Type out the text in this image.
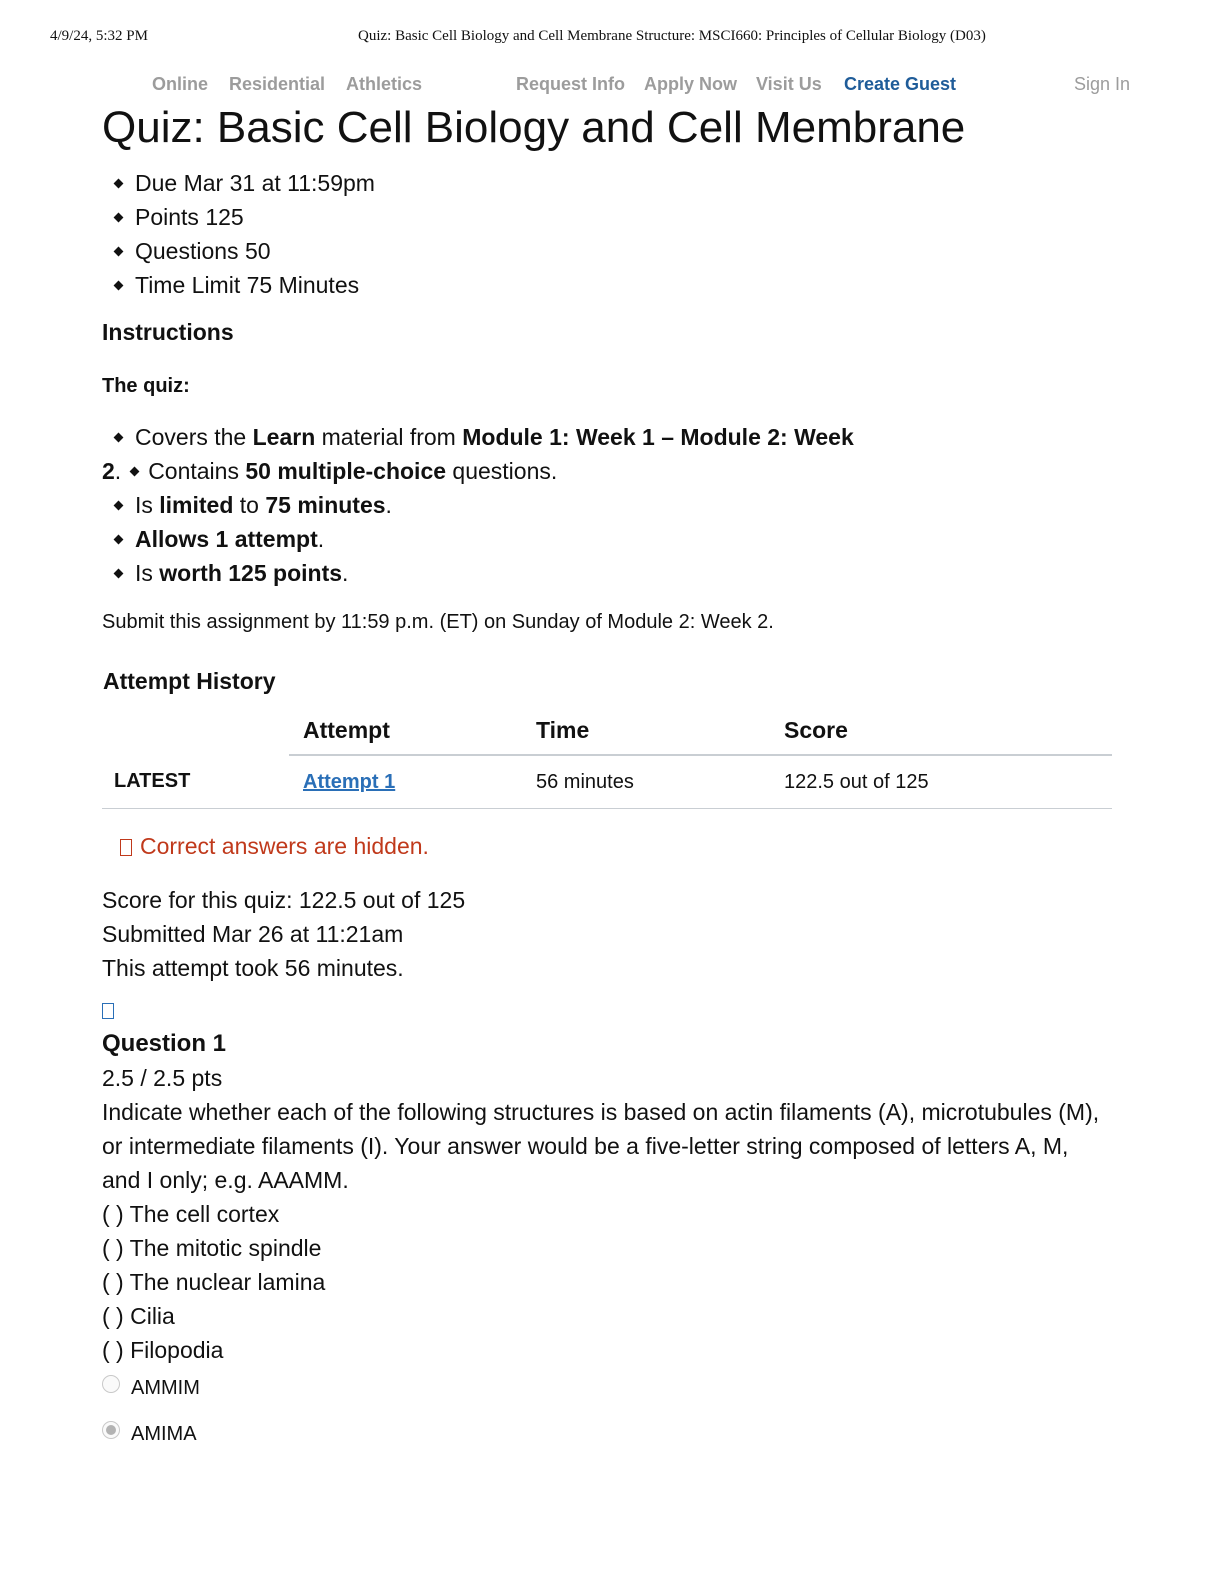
4/9/24, 5:32 PM	Quiz: Basic Cell Biology and Cell Membrane Structure: MSCI660: Principles of Cellular Biology (D03)
Online Residential Athletics	Request Info Apply Now Visit Us Create Guest	Sign In
Quiz: Basic Cell Biology and Cell Membrane
Due Mar 31 at 11:59pm
Points 125
Questions 50
Time Limit 75 Minutes
Instructions
The quiz:
Covers the Learn material from Module 1: Week 1 – Module 2: Week
2. Contains 50 multiple-choice questions.
Is limited to 75 minutes.
Allows 1 attempt.
Is worth 125 points.
Submit this assignment by 11:59 p.m. (ET) on Sunday of Module 2: Week 2.
Attempt History
	Attempt	Time	Score
LATEST	Attempt 1	56 minutes	122.5 out of 125
Correct answers are hidden.
Score for this quiz: 122.5 out of 125
Submitted Mar 26 at 11:21am
This attempt took 56 minutes.
Question 1
2.5 / 2.5 pts
Indicate whether each of the following structures is based on actin filaments (A), microtubules (M), or intermediate filaments (I). Your answer would be a five-letter string composed of letters A, M, and I only; e.g. AAAMM.
( ) The cell cortex
( ) The mitotic spindle
( ) The nuclear lamina
( ) Cilia
( ) Filopodia
AMMIM
AMIMA
